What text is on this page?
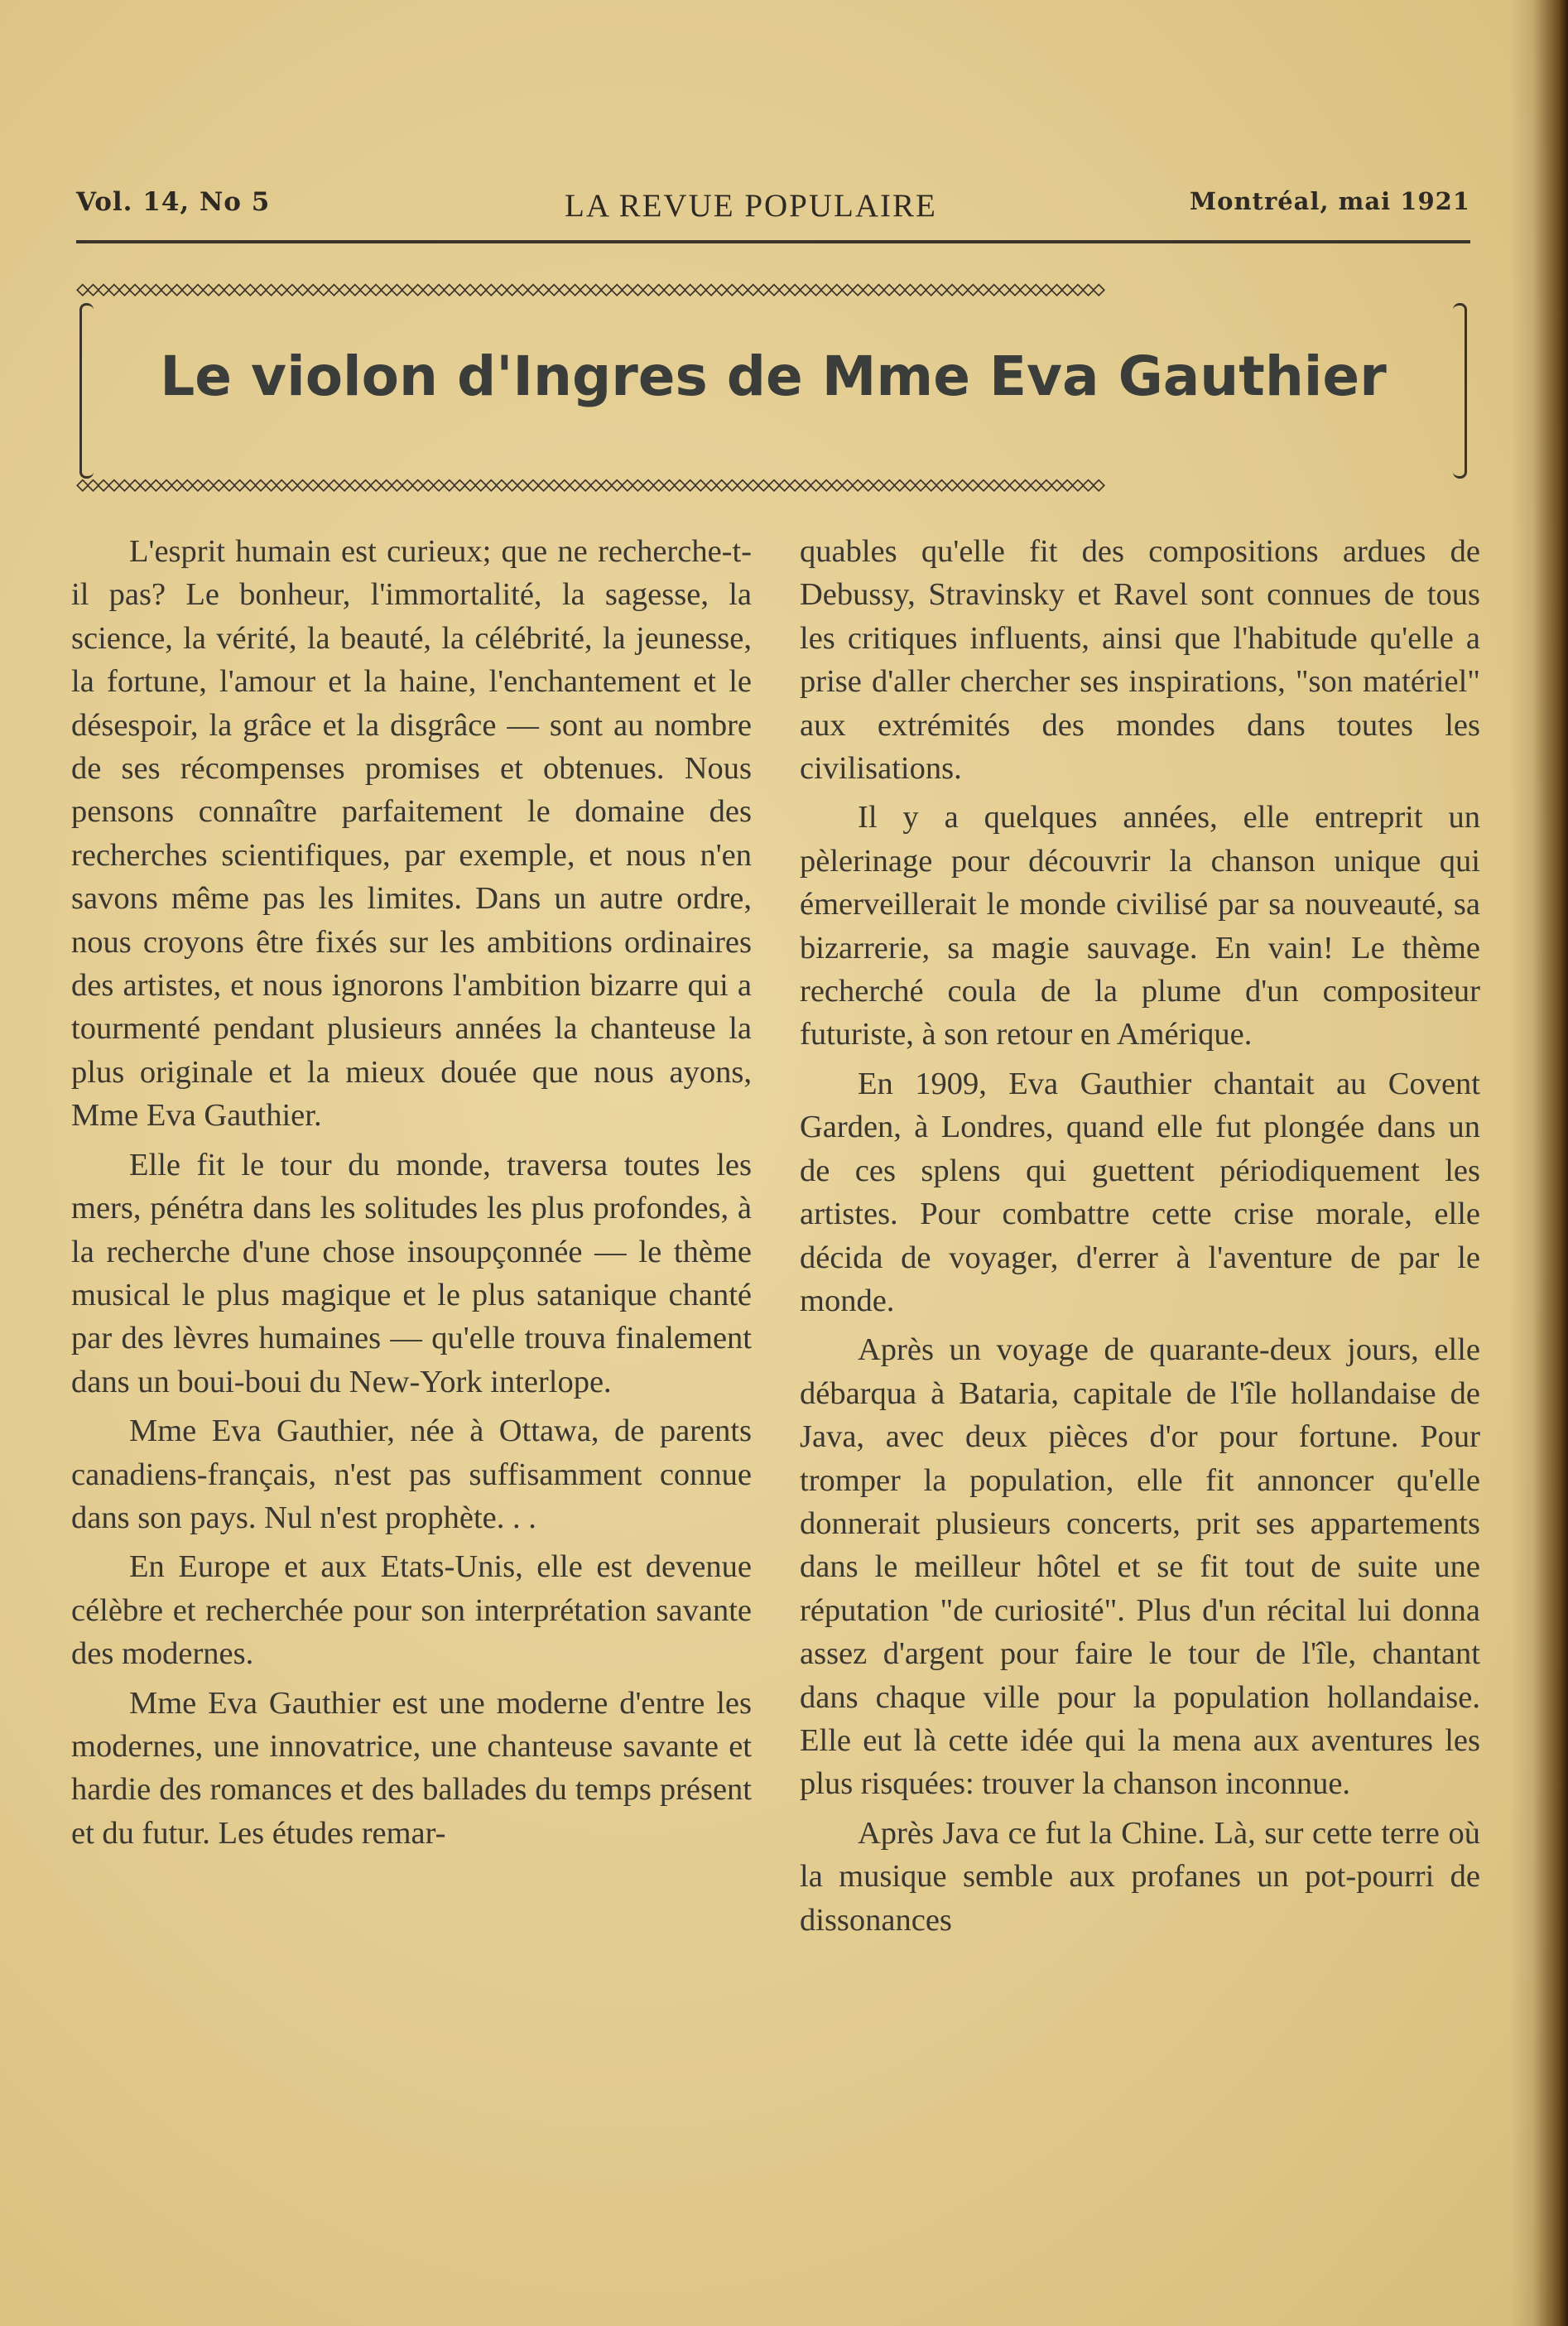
Vol. 14, No 5	LA REVUE POPULAIRE	Montréal, mai 1921
◇◇◇◇◇◇◇◇◇◇◇◇◇◇◇◇◇◇◇◇◇◇◇◇◇◇◇◇◇◇◇◇◇◇◇◇◇◇◇◇◇◇◇◇◇◇◇◇◇◇◇◇◇◇◇◇◇◇◇◇◇◇◇◇◇◇◇◇◇◇◇◇◇◇◇◇◇◇◇◇◇◇◇◇◇◇◇◇◇◇◇◇◇◇◇◇◇◇
Le violon d'Ingres de Mme Eva Gauthier
◇◇◇◇◇◇◇◇◇◇◇◇◇◇◇◇◇◇◇◇◇◇◇◇◇◇◇◇◇◇◇◇◇◇◇◇◇◇◇◇◇◇◇◇◇◇◇◇◇◇◇◇◇◇◇◇◇◇◇◇◇◇◇◇◇◇◇◇◇◇◇◇◇◇◇◇◇◇◇◇◇◇◇◇◇◇◇◇◇◇◇◇◇◇◇◇◇◇

L'esprit humain est curieux; que ne recherche-t-il pas? Le bonheur, l'immortalité, la sagesse, la science, la vérité, la beauté, la célébrité, la jeunesse, la fortune, l'amour et la haine, l'enchantement et le désespoir, la grâce et la disgrâce — sont au nombre de ses récompenses promises et obtenues. Nous pensons connaître parfaitement le domaine des recherches scientifiques, par exemple, et nous n'en savons même pas les limites. Dans un autre ordre, nous croyons être fixés sur les ambitions ordinaires des artistes, et nous ignorons l'ambition bizarre qui a tourmenté pendant plusieurs années la chanteuse la plus originale et la mieux douée que nous ayons, Mme Eva Gauthier.

Elle fit le tour du monde, traversa toutes les mers, pénétra dans les solitudes les plus profondes, à la recherche d'une chose insoupçonnée — le thème musical le plus magique et le plus satanique chanté par des lèvres humaines — qu'elle trouva finalement dans un boui-boui du New-York interlope.

Mme Eva Gauthier, née à Ottawa, de parents canadiens-français, n'est pas suffisamment connue dans son pays. Nul n'est prophète. . .

En Europe et aux Etats-Unis, elle est devenue célèbre et recherchée pour son interprétation savante des modernes.

Mme Eva Gauthier est une moderne d'entre les modernes, une innovatrice, une chanteuse savante et hardie des romances et des ballades du temps présent et du futur. Les études remar-

quables qu'elle fit des compositions ardues de Debussy, Stravinsky et Ravel sont connues de tous les critiques influents, ainsi que l'habitude qu'elle a prise d'aller chercher ses inspirations, "son matériel" aux extrémités des mondes dans toutes les civilisations.

Il y a quelques années, elle entreprit un pèlerinage pour découvrir la chanson unique qui émerveillerait le monde civilisé par sa nouveauté, sa bizarrerie, sa magie sauvage. En vain! Le thème recherché coula de la plume d'un compositeur futuriste, à son retour en Amérique.

En 1909, Eva Gauthier chantait au Covent Garden, à Londres, quand elle fut plongée dans un de ces splens qui guettent périodiquement les artistes. Pour combattre cette crise morale, elle décida de voyager, d'errer à l'aventure de par le monde.

Après un voyage de quarante-deux jours, elle débarqua à Bataria, capitale de l'île hollandaise de Java, avec deux pièces d'or pour fortune. Pour tromper la population, elle fit annoncer qu'elle donnerait plusieurs concerts, prit ses appartements dans le meilleur hôtel et se fit tout de suite une réputation "de curiosité". Plus d'un récital lui donna assez d'argent pour faire le tour de l'île, chantant dans chaque ville pour la population hollandaise. Elle eut là cette idée qui la mena aux aventures les plus risquées: trouver la chanson inconnue.

Après Java ce fut la Chine. Là, sur cette terre où la musique semble aux profanes un pot-pourri de dissonances
